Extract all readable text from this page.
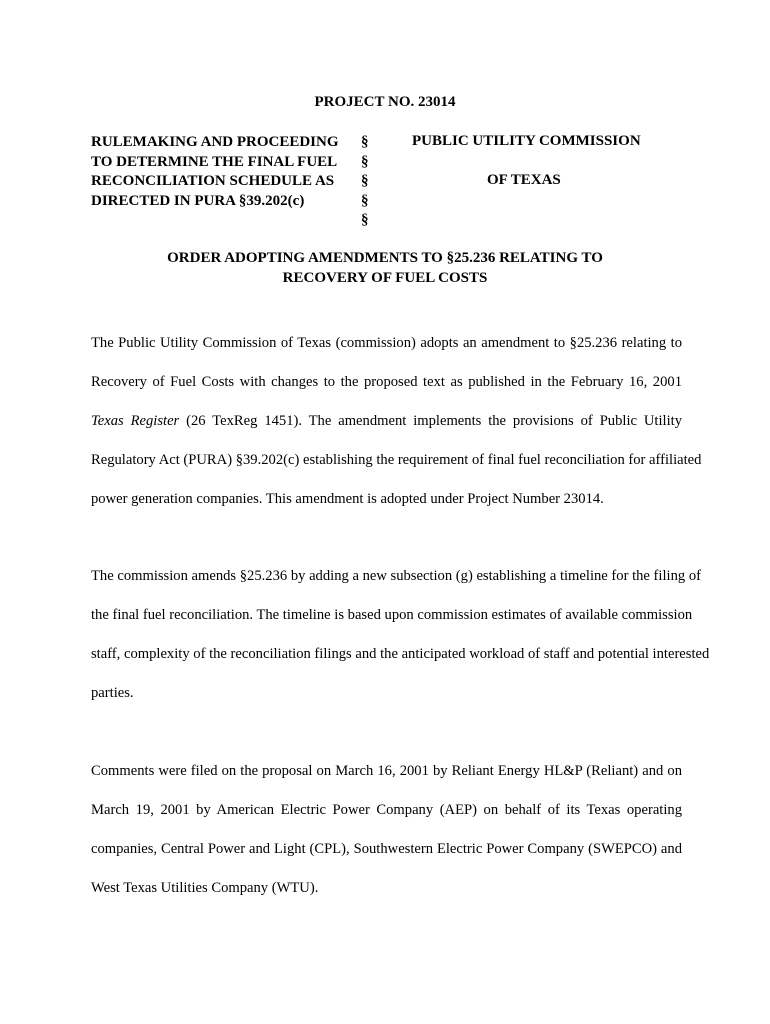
PROJECT NO. 23014
RULEMAKING AND PROCEEDING
TO DETERMINE THE FINAL FUEL
RECONCILIATION SCHEDULE AS
DIRECTED IN PURA §39.202(c)
§
§
§
§
§
PUBLIC UTILITY COMMISSION
OF TEXAS
ORDER ADOPTING AMENDMENTS TO §25.236 RELATING TO
RECOVERY OF FUEL COSTS
The Public Utility Commission of Texas (commission) adopts an amendment to §25.236 relating to
Recovery of Fuel Costs with changes to the proposed text as published in the February 16, 2001
Texas Register (26 TexReg 1451). The amendment implements the provisions of Public Utility
Regulatory Act (PURA) §39.202(c) establishing the requirement of final fuel reconciliation for affiliated
power generation companies. This amendment is adopted under Project Number 23014.
The commission amends §25.236 by adding a new subsection (g) establishing a timeline for the filing of
the final fuel reconciliation. The timeline is based upon commission estimates of available commission
staff, complexity of the reconciliation filings and the anticipated workload of staff and potential interested
parties.
Comments were filed on the proposal on March 16, 2001 by Reliant Energy HL&P (Reliant) and on
March 19, 2001 by American Electric Power Company (AEP) on behalf of its Texas operating
companies, Central Power and Light (CPL), Southwestern Electric Power Company (SWEPCO) and
West Texas Utilities Company (WTU).
